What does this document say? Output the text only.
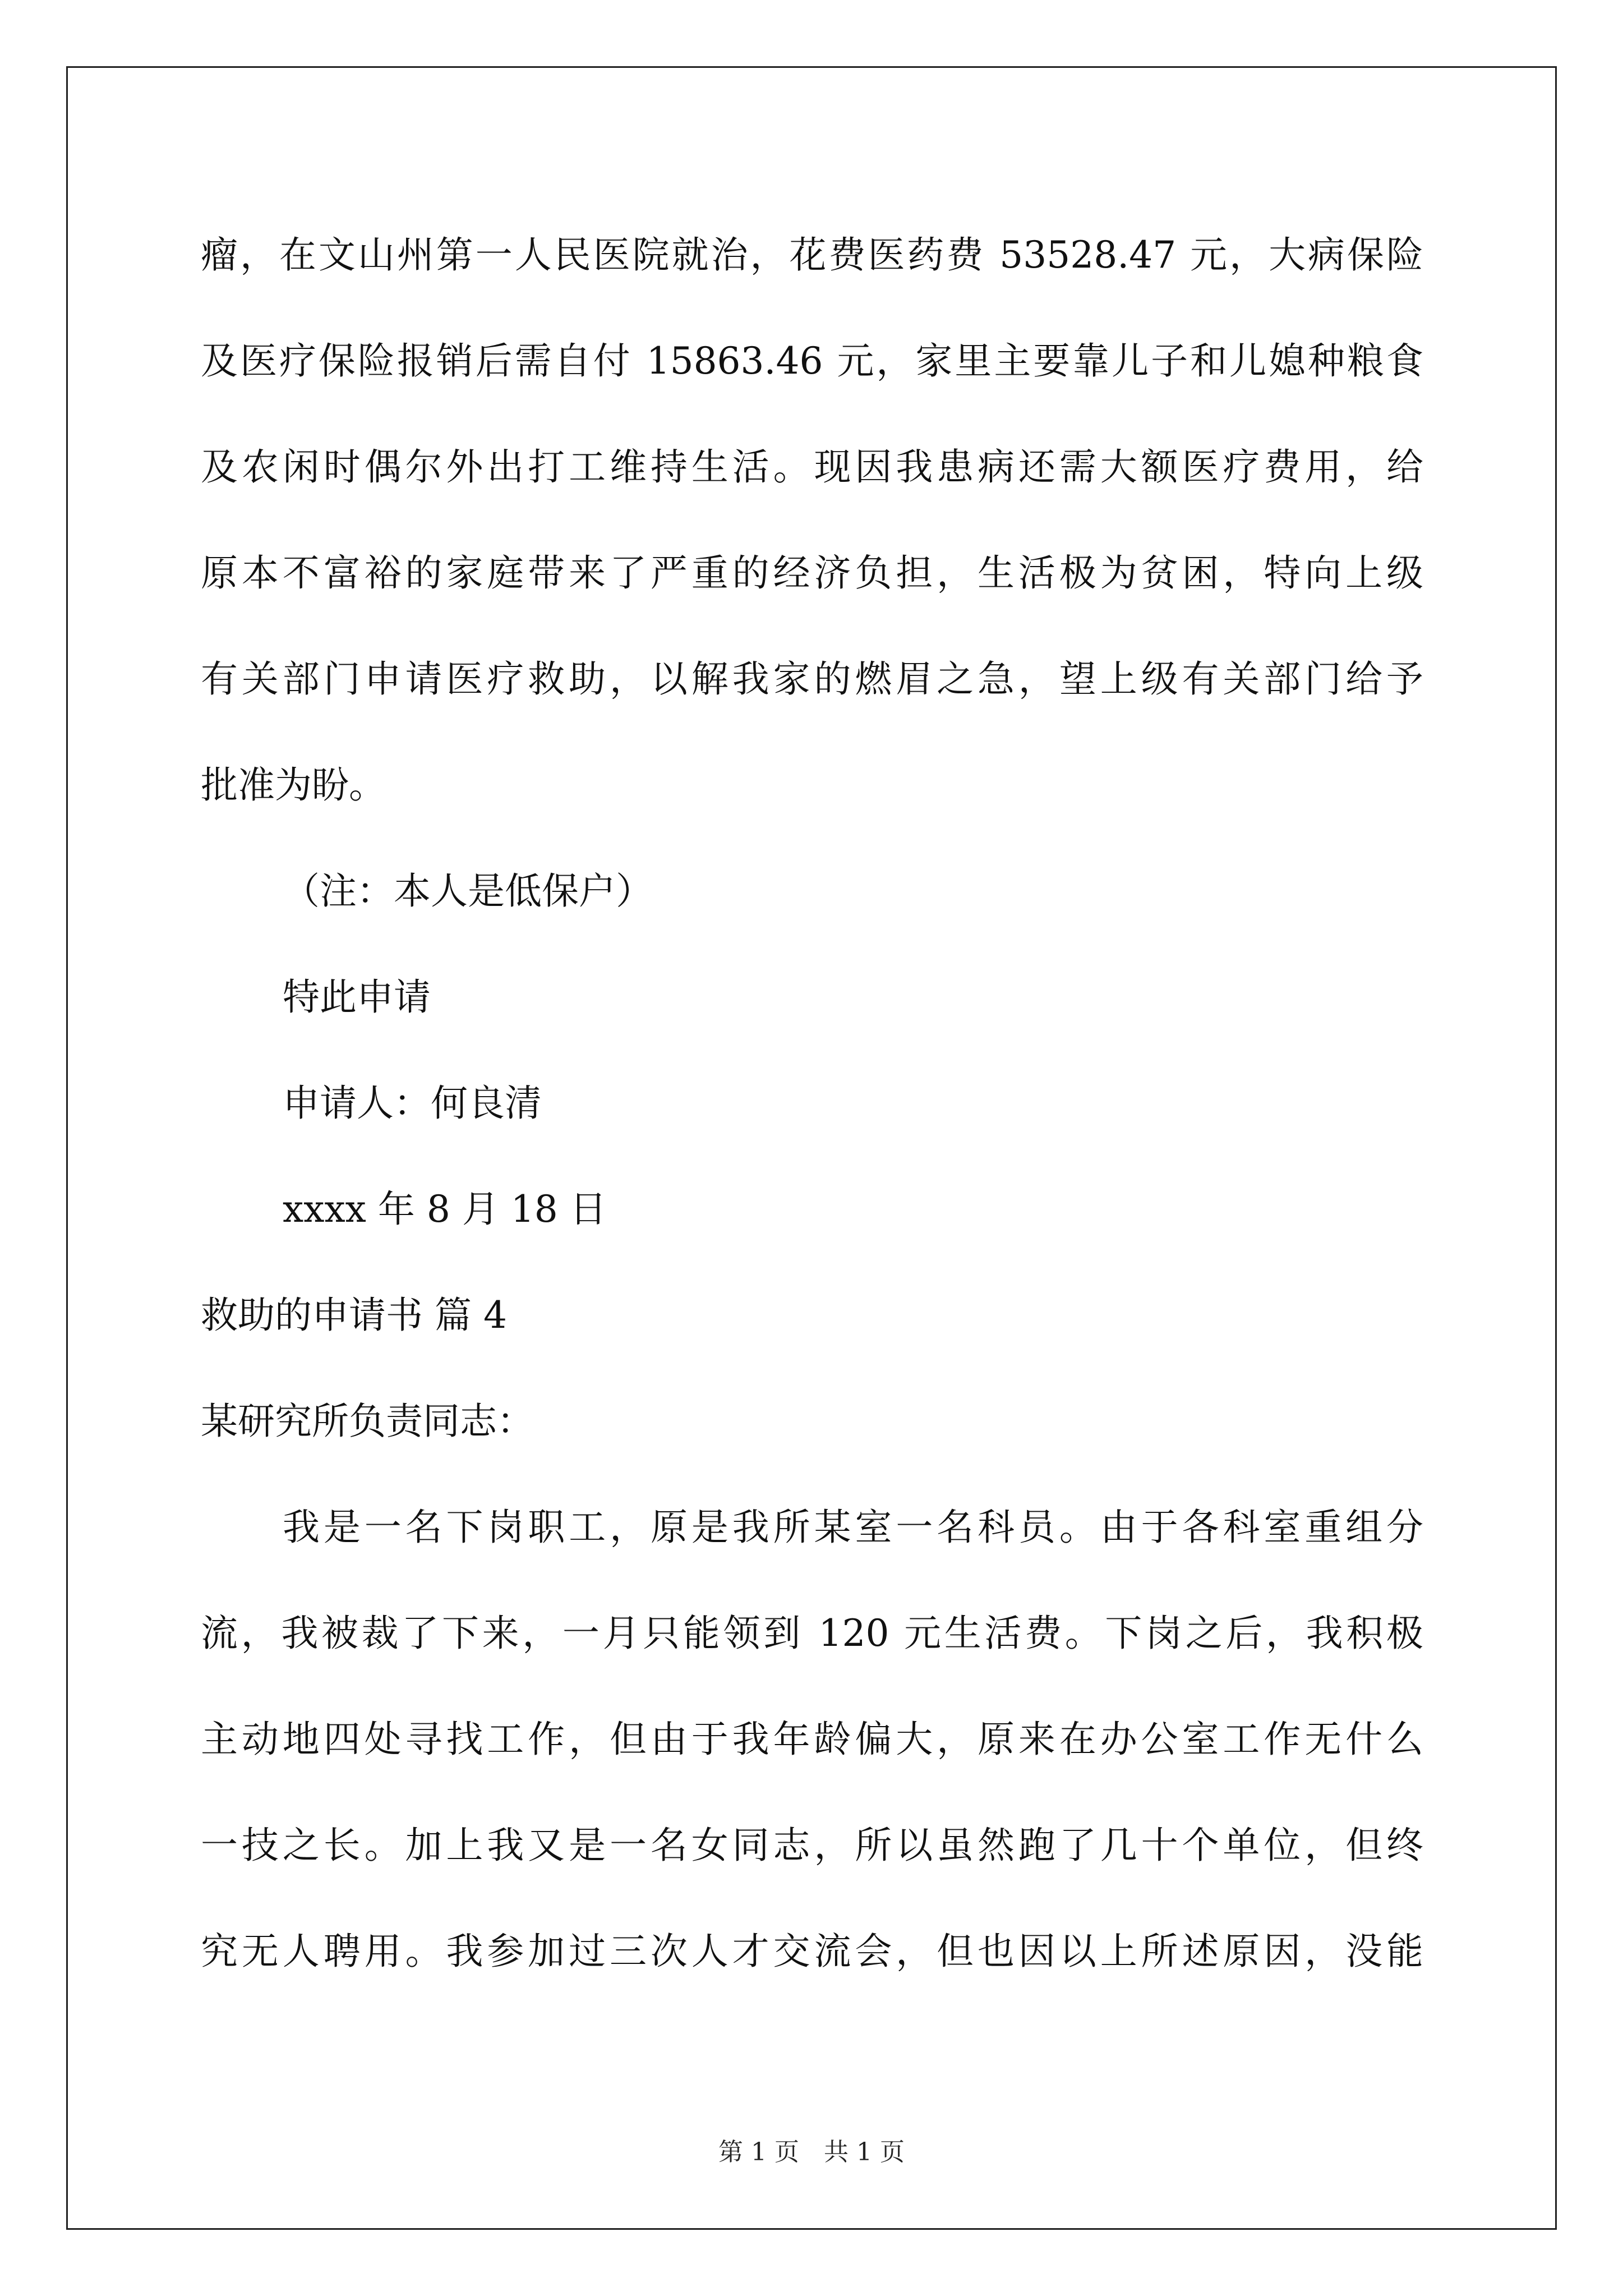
瘤，在文山州第一人民医院就治，花费医药费 53528.47 元，大病保险
及医疗保险报销后需自付 15863.46 元，家里主要靠儿子和儿媳种粮食
及农闲时偶尔外出打工维持生活。现因我患病还需大额医疗费用，给
原本不富裕的家庭带来了严重的经济负担，生活极为贫困，特向上级
有关部门申请医疗救助，以解我家的燃眉之急，望上级有关部门给予
批准为盼。
（注：本人是低保户）
特此申请
申请人：何良清
xxxx 年 8 月 18 日
救助的申请书 篇 4
某研究所负责同志：
我是一名下岗职工，原是我所某室一名科员。由于各科室重组分
流，我被裁了下来，一月只能领到 120 元生活费。下岗之后，我积极
主动地四处寻找工作，但由于我年龄偏大，原来在办公室工作无什么
一技之长。加上我又是一名女同志，所以虽然跑了几十个单位，但终
究无人聘用。我参加过三次人才交流会，但也因以上所述原因，没能
第 1 页　共 1 页
